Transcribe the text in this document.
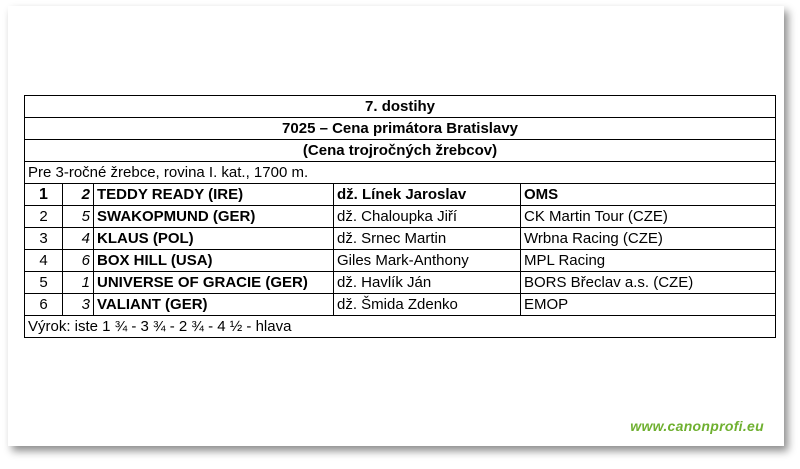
7. dostihy				
7025 – Cena primátora Bratislavy				
(Cena trojročných žrebcov)				
Pre 3-ročné žrebce, rovina I. kat., 1700 m.				
1	2	TEDDY READY (IRE)	dž. Línek Jaroslav	OMS
2	5	SWAKOPMUND (GER)	dž. Chaloupka Jiří	CK Martin Tour (CZE)
3	4	KLAUS (POL)	dž. Srnec Martin	Wrbna Racing (CZE)
4	6	BOX HILL (USA)	Giles Mark-Anthony	MPL Racing
5	1	UNIVERSE OF GRACIE (GER)	dž. Havlík Ján	BORS Břeclav a.s. (CZE)
6	3	VALIANT (GER)	dž. Šmida Zdenko	EMOP
Výrok: iste 1 ¾ - 3 ¾ - 2 ¾ - 4 ½ - hlava				
www.canonprofi.eu
